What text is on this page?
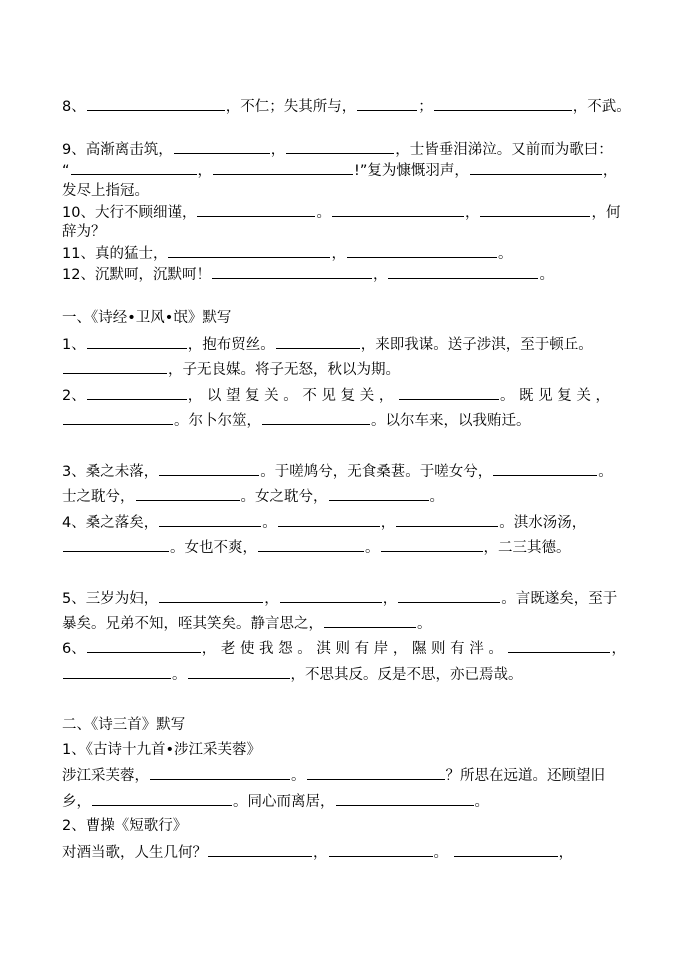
8、	，不仁；失其所与，	；	，不武。
9、高渐离击筑，	，	，士皆垂泪涕泣。又前而为歌曰：
“	，	!”复为慷慨羽声，	，
发尽上指冠。
10、大行不顾细谨，	。	，	，何
辞为？
11、真的猛士，	，	。
12、沉默呵，沉默呵！	，	。
一、《诗经•卫风•氓》默写
1、	，抱布贸丝。	，来即我谋。送子涉淇，至于顿丘。
，子无良媒。将子无怒，秋以为期。
2、	， 以 望 复 关 。 不 见 复 关 ，	。 既 见 复 关 ，
。尔卜尔筮，	。以尔车来，以我贿迁。
3、桑之未落，	。于嗟鸠兮，无食桑葚。于嗟女兮，	。
士之耽兮，	。女之耽兮，	。
4、桑之落矣，	。	，	。淇水汤汤，
。女也不爽，	。	，二三其德。
5、三岁为妇，	，	，	。言既遂矣，至于
暴矣。兄弟不知，咥其笑矣。静言思之，	。
6、	， 老 使 我 怨 。 淇 则 有 岸 ， 隰 则 有 泮 。	，
。	，不思其反。反是不思，亦已焉哉。
二、《诗三首》默写
1、《古诗十九首•涉江采芙蓉》
涉江采芙蓉，	。	？所思在远道。还顾望旧
乡，	。同心而离居，	。
2、曹操《短歌行》
对酒当歌，人生几何？	，	。	，
